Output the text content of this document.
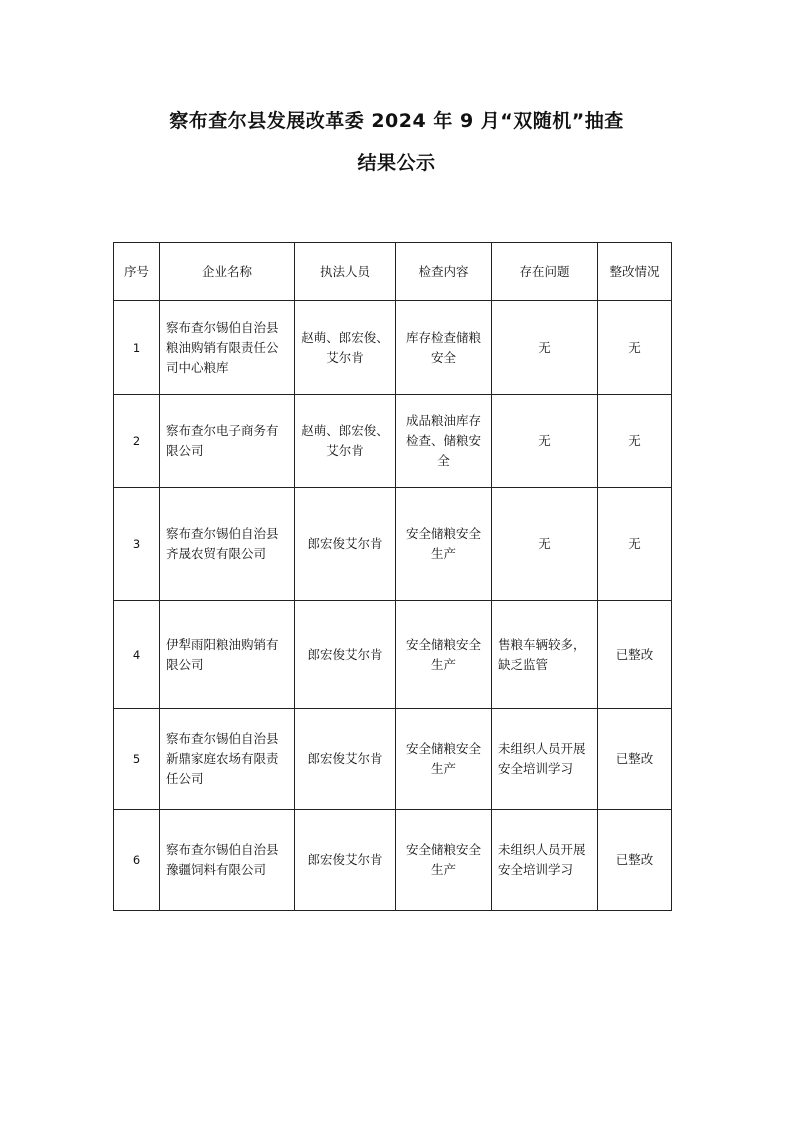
察布查尔县发展改革委 2024 年 9 月“双随机”抽查
结果公示
序号	企业名称	执法人员	检查内容	存在问题	整改情况
1	察布查尔锡伯自治县粮油购销有限责任公司中心粮库	赵萌、郎宏俊、艾尔肯	库存检查储粮安全	无	无
2	察布查尔电子商务有限公司	赵萌、郎宏俊、艾尔肯	成品粮油库存检查、储粮安全	无	无
3	察布查尔锡伯自治县齐晟农贸有限公司	郎宏俊艾尔肯	安全储粮安全生产	无	无
4	伊犁雨阳粮油购销有限公司	郎宏俊艾尔肯	安全储粮安全生产	售粮车辆较多，缺乏监管	已整改
5	察布查尔锡伯自治县新鼎家庭农场有限责任公司	郎宏俊艾尔肯	安全储粮安全生产	未组织人员开展安全培训学习	已整改
6	察布查尔锡伯自治县豫疆饲料有限公司	郎宏俊艾尔肯	安全储粮安全生产	未组织人员开展安全培训学习	已整改
